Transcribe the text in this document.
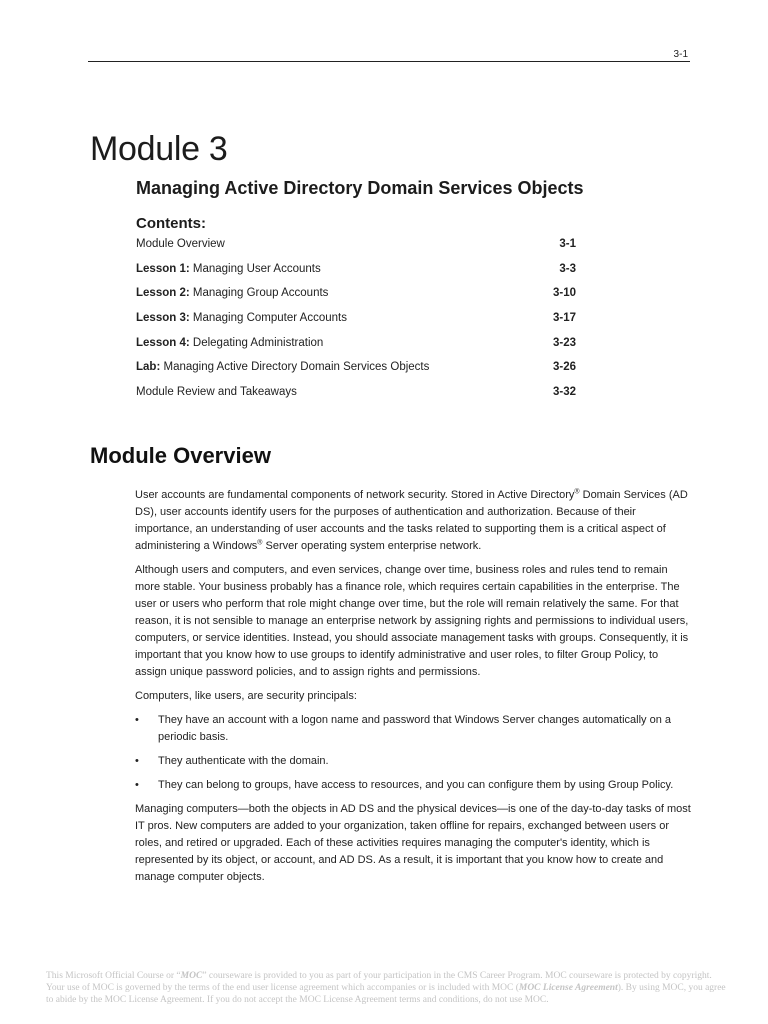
3-1
Module 3
Managing Active Directory Domain Services Objects
Contents:
Module Overview	3-1
Lesson 1: Managing User Accounts	3-3
Lesson 2: Managing Group Accounts	3-10
Lesson 3: Managing Computer Accounts	3-17
Lesson 4: Delegating Administration	3-23
Lab: Managing Active Directory Domain Services Objects	3-26
Module Review and Takeaways	3-32
Module Overview

User accounts are fundamental components of network security. Stored in Active Directory® Domain Services (AD DS), user accounts identify users for the purposes of authentication and authorization. Because of their importance, an understanding of user accounts and the tasks related to supporting them is a critical aspect of administering a Windows® Server operating system enterprise network.

Although users and computers, and even services, change over time, business roles and rules tend to remain more stable. Your business probably has a finance role, which requires certain capabilities in the enterprise. The user or users who perform that role might change over time, but the role will remain relatively the same. For that reason, it is not sensible to manage an enterprise network by assigning rights and permissions to individual users, computers, or service identities. Instead, you should associate management tasks with groups. Consequently, it is important that you know how to use groups to identify administrative and user roles, to filter Group Policy, to assign unique password policies, and to assign rights and permissions.

Computers, like users, are security principals:

• They have an account with a logon name and password that Windows Server changes automatically on a periodic basis.
• They authenticate with the domain.
• They can belong to groups, have access to resources, and you can configure them by using Group Policy.

Managing computers—both the objects in AD DS and the physical devices—is one of the day-to-day tasks of most IT pros. New computers are added to your organization, taken offline for repairs, exchanged between users or roles, and retired or upgraded. Each of these activities requires managing the computer's identity, which is represented by its object, or account, and AD DS. As a result, it is important that you know how to create and manage computer objects.

This Microsoft Official Course or “MOC” courseware is provided to you as part of your participation in the CMS Career Program. MOC courseware is protected by copyright. Your use of MOC is governed by the terms of the end user license agreement which accompanies or is included with MOC (MOC License Agreement). By using MOC, you agree to abide by the MOC License Agreement. If you do not accept the MOC License Agreement terms and conditions, do not use MOC.
